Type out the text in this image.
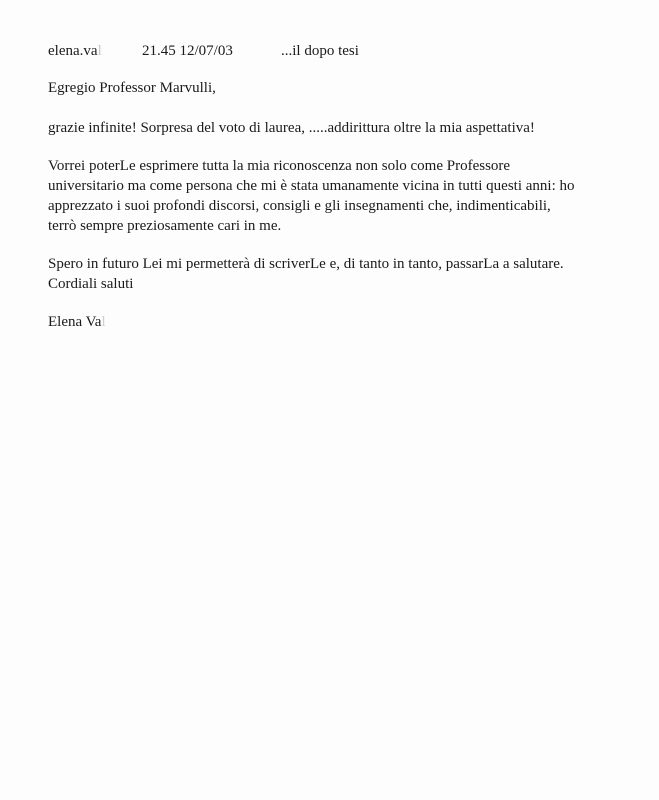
elena.val	21.45 12/07/03	...il dopo tesi

Egregio Professor Marvulli,

grazie infinite! Sorpresa del voto di laurea, .....addirittura oltre la mia aspettativa!

Vorrei poterLe esprimere tutta la mia riconoscenza non solo come Professore
universitario ma come persona che mi è stata umanamente vicina in tutti questi anni: ho
apprezzato i suoi profondi discorsi, consigli e gli insegnamenti che, indimenticabili,
terrò sempre preziosamente cari in me.

Spero in futuro Lei mi permetterà di scriverLe e, di tanto in tanto, passarLa a salutare.
Cordiali saluti

Elena Val
